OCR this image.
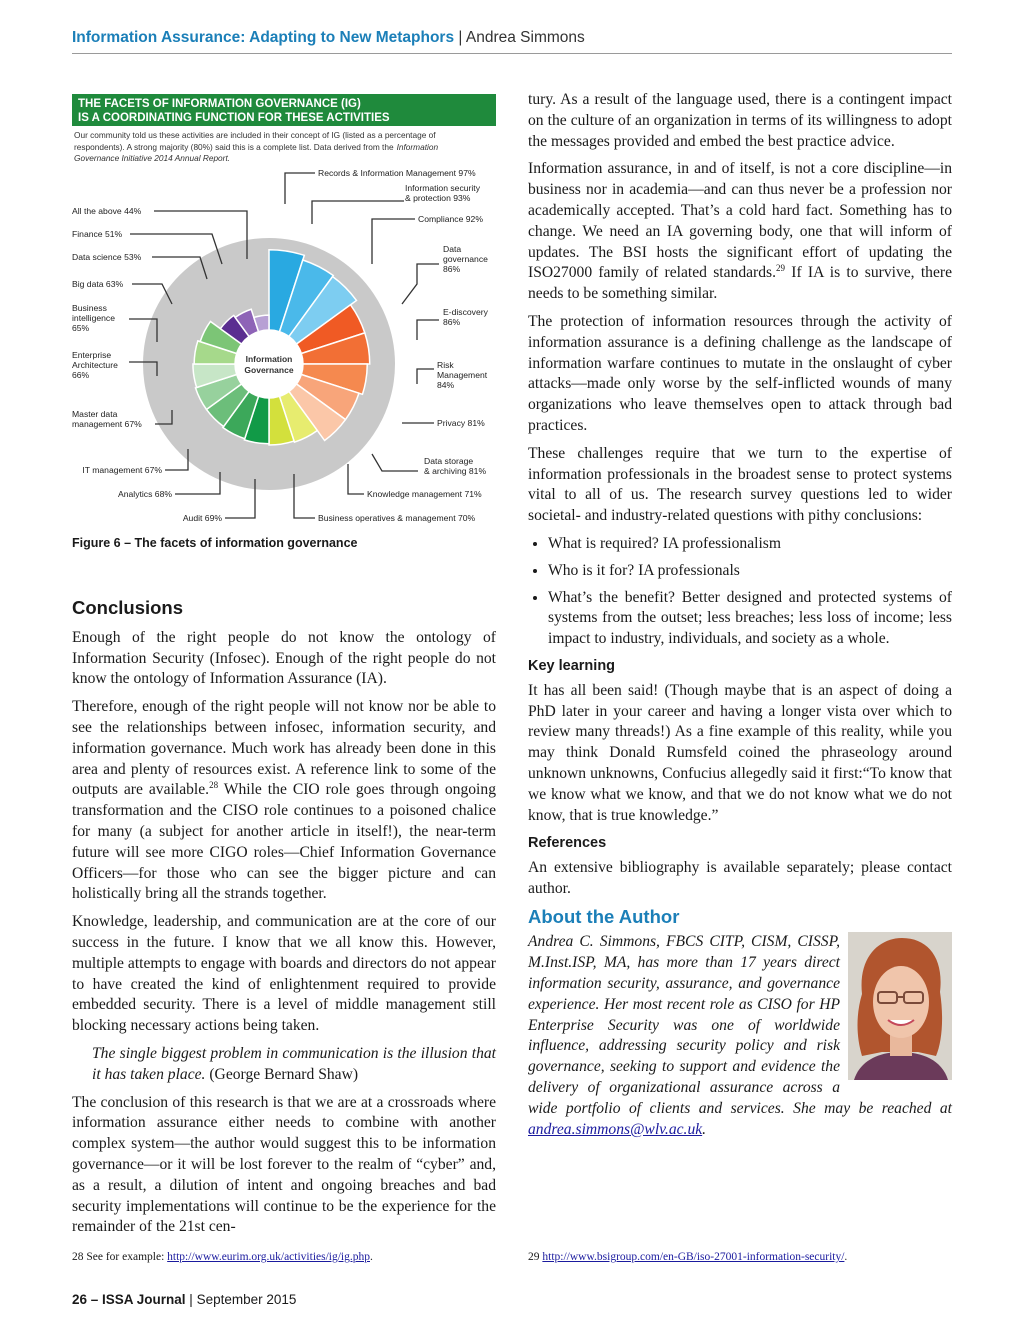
Information Assurance: Adapting to New Metaphors | Andrea Simmons
THE FACETS OF INFORMATION GOVERNANCE (IG)
IS A COORDINATING FUNCTION FOR THESE ACTIVITIES
Our community told us these activities are included in their concept of IG (listed as a percentage of
respondents). A strong majority (80%) said this is a complete list. Data derived from the Information
Governance Initiative 2014 Annual Report.
Information
Governance
Records & Information Management 97%
Information security
& protection 93%
Compliance 92%
Data
governance
86%
E-discovery
86%
Risk
Management
84%
Privacy 81%
Data storage
& archiving 81%
Knowledge management 71%
Business operatives & management 70%
Audit 69%
Analytics 68%
IT management 67%
Master data
management 67%
Enterprise
Architecture
66%
Business
intelligence
65%
Big data 63%
Data science 53%
Finance 51%
All the above 44%
Figure 6 – The facets of information governance
Conclusions

Enough of the right people do not know the ontology of Information Security (Infosec). Enough of the right people do not know the ontology of Information Assurance (IA).

Therefore, enough of the right people will not know nor be able to see the relationships between infosec, information security, and information governance. Much work has already been done in this area and plenty of resources exist. A reference link to some of the outputs are available.$^{28}$ While the CIO role goes through ongoing transformation and the CISO role continues to a poisoned chalice for many (a subject for another article in itself!), the near-term future will see more CIGO roles—Chief Information Governance Officers—for those who can see the bigger picture and can holistically bring all the strands together.

Knowledge, leadership, and communication are at the core of our success in the future. I know that we all know this. However, multiple attempts to engage with boards and directors do not appear to have created the kind of enlightenment required to provide embedded security. There is a level of middle management still blocking necessary actions being taken.

The single biggest problem in communication is the illusion that it has taken place. (George Bernard Shaw)

The conclusion of this research is that we are at a crossroads where information assurance either needs to combine with another complex system—the author would suggest this to be information governance—or it will be lost forever to the realm of “cyber” and, as a result, a dilution of intent and ongoing breaches and bad security implementations will continue to be the experience for the remainder of the 21st cen-

tury. As a result of the language used, there is a contingent impact on the culture of an organization in terms of its willingness to adopt the messages provided and embed the best practice advice.

Information assurance, in and of itself, is not a core discipline—in business nor in academia—and can thus never be a profession nor academically accepted. That’s a cold hard fact. Something has to change. We need an IA governing body, one that will inform of updates. The BSI hosts the significant effort of updating the ISO27000 family of related standards.$^{29}$ If IA is to survive, there needs to be something similar.

The protection of information resources through the activity of information assurance is a defining challenge as the landscape of information warfare continues to mutate in the onslaught of cyber attacks—made only worse by the self-inflicted wounds of many organizations who leave themselves open to attack through bad practices.

These challenges require that we turn to the expertise of information professionals in the broadest sense to protect systems vital to all of us. The research survey questions led to wider societal- and industry-related questions with pithy conclusions:

• What is required? IA professionalism
• Who is it for? IA professionals
• What’s the benefit? Better designed and protected systems of systems from the outset; less breaches; less loss of income; less impact to industry, individuals, and society as a whole.
Key learning

It has all been said! (Though maybe that is an aspect of doing a PhD later in your career and having a longer vista over which to review many threads!) As a fine example of this reality, while you may think Donald Rumsfeld coined the phraseology around unknown unknowns, Confucius allegedly said it first:“To know that we know what we know, and that we do not know what we do not know, that is true knowledge.”

References

An extensive bibliography is available separately; please contact author.

About the Author

Andrea C. Simmons, FBCS CITP, CISM, CISSP, M.Inst.ISP, MA, has more than 17 years direct information security, assurance, and governance experience. Her most recent role as CISO for HP Enterprise Security was one of worldwide influence, addressing security policy and risk governance, seeking to support and evidence the delivery of organizational assurance across a wide portfolio of clients and services. She may be reached at andrea.simmons@wlv.ac.uk.

28 See for example: http://www.eurim.org.uk/activities/ig/ig.php.	29 http://www.bsigroup.com/en-GB/iso-27001-information-security/.
26 – ISSA Journal | September 2015
